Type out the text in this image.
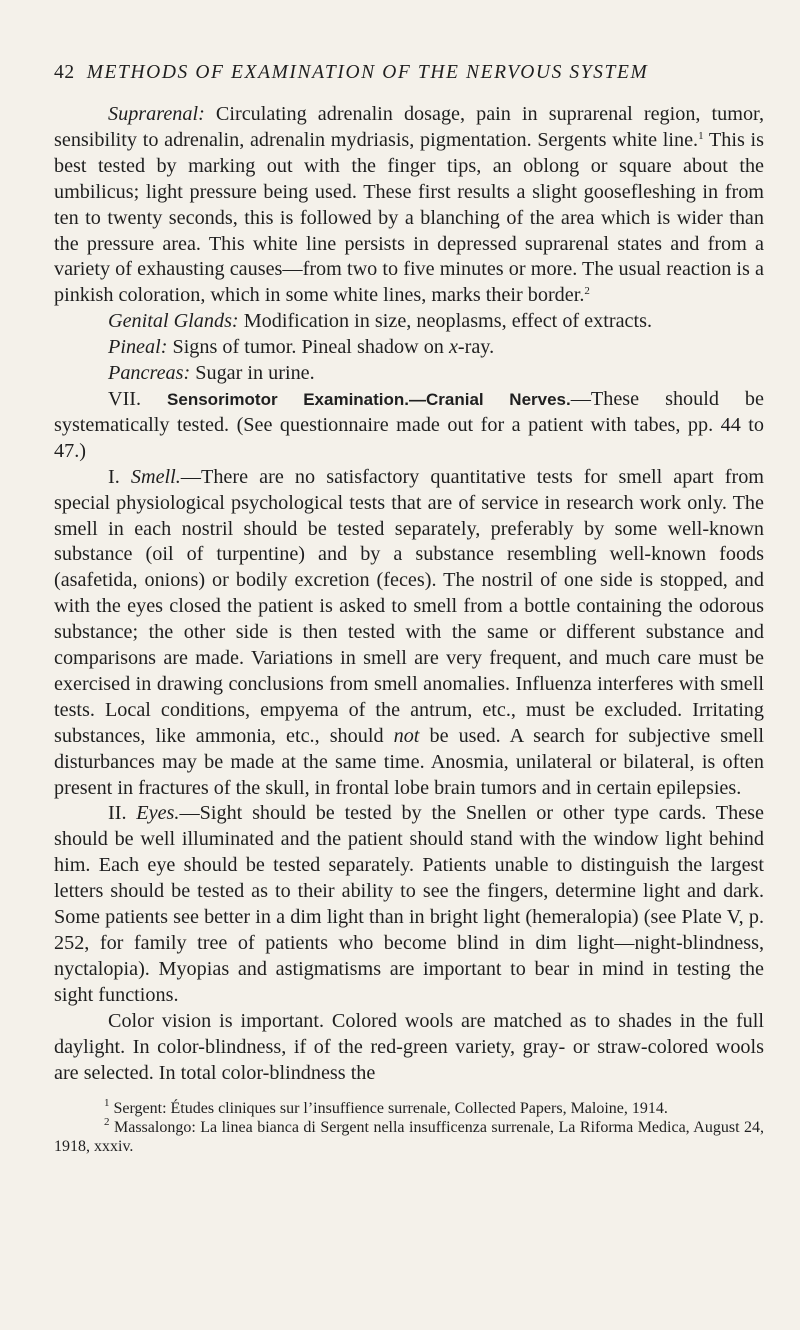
42 METHODS OF EXAMINATION OF THE NERVOUS SYSTEM

Suprarenal: Circulating adrenalin dosage, pain in suprarenal region, tumor, sensibility to adrenalin, adrenalin mydriasis, pigmentation. Sergents white line.$^1$ This is best tested by marking out with the finger tips, an oblong or square about the umbilicus; light pressure being used. These first results a slight goosefleshing in from ten to twenty seconds, this is followed by a blanching of the area which is wider than the pressure area. This white line persists in depressed suprarenal states and from a variety of exhausting causes—from two to five minutes or more. The usual reaction is a pinkish coloration, which in some white lines, marks their border.$^2$

Genital Glands: Modification in size, neoplasms, effect of extracts.

Pineal: Signs of tumor. Pineal shadow on x-ray.

Pancreas: Sugar in urine.

VII. Sensorimotor Examination.—Cranial Nerves.—These should be systematically tested. (See questionnaire made out for a patient with tabes, pp. 44 to 47.)

I. Smell.—There are no satisfactory quantitative tests for smell apart from special physiological psychological tests that are of service in research work only. The smell in each nostril should be tested separately, preferably by some well-known substance (oil of turpentine) and by a substance resembling well-known foods (asafetida, onions) or bodily excretion (feces). The nostril of one side is stopped, and with the eyes closed the patient is asked to smell from a bottle containing the odorous substance; the other side is then tested with the same or different substance and comparisons are made. Variations in smell are very frequent, and much care must be exercised in drawing conclusions from smell anomalies. Influenza interferes with smell tests. Local conditions, empyema of the antrum, etc., must be excluded. Irritating substances, like ammonia, etc., should not be used. A search for subjective smell disturbances may be made at the same time. Anosmia, unilateral or bilateral, is often present in fractures of the skull, in frontal lobe brain tumors and in certain epilepsies.

II. Eyes.—Sight should be tested by the Snellen or other type cards. These should be well illuminated and the patient should stand with the window light behind him. Each eye should be tested separately. Patients unable to distinguish the largest letters should be tested as to their ability to see the fingers, determine light and dark. Some patients see better in a dim light than in bright light (hemeralopia) (see Plate V, p. 252, for family tree of patients who become blind in dim light—night-blindness, nyctalopia). Myopias and astigmatisms are important to bear in mind in testing the sight functions.

Color vision is important. Colored wools are matched as to shades in the full daylight. In color-blindness, if of the red-green variety, gray- or straw-colored wools are selected. In total color-blindness the

$^1$ Sergent: Études cliniques sur l’insuffience surrenale, Collected Papers, Maloine, 1914.

$^2$ Massalongo: La linea bianca di Sergent nella insufficenza surrenale, La Riforma Medica, August 24, 1918, xxxiv.
